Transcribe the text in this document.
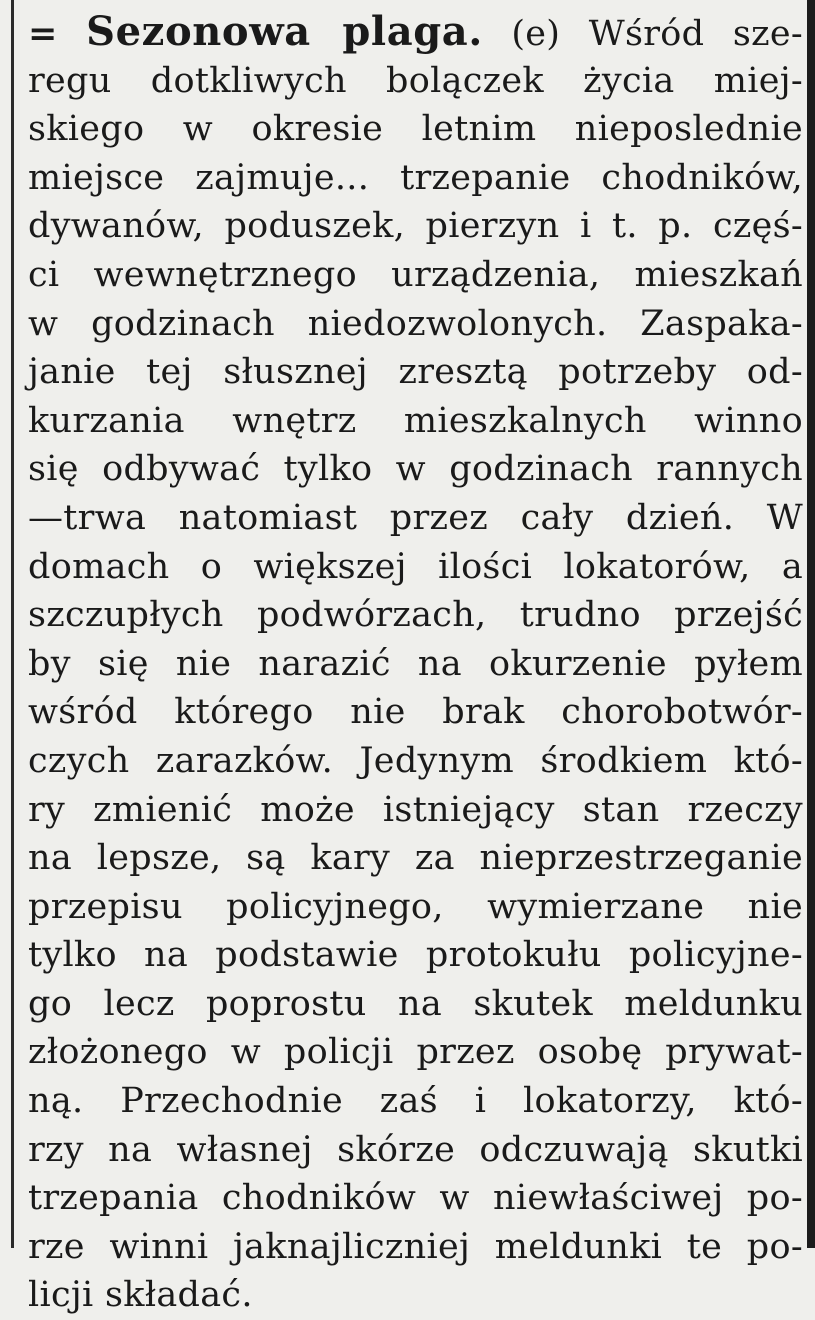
= Sezonowa plaga. (e) Wśród sze-
regu dotkliwych bolączek życia miej-
skiego w okresie letnim nieposlednie
miejsce zajmuje... trzepanie chodników,
dywanów, poduszek, pierzyn i t. p. częś-
ci wewnętrznego urządzenia, mieszkań
w godzinach niedozwolonych. Zaspaka-
janie tej słusznej zresztą potrzeby od-
kurzania wnętrz mieszkalnych winno
się odbywać tylko w godzinach rannych
—trwa natomiast przez cały dzień. W
domach o większej ilości lokatorów, a
szczupłych podwórzach, trudno przejść
by się nie narazić na okurzenie pyłem
wśród którego nie brak chorobotwór-
czych zarazków. Jedynym środkiem któ-
ry zmienić może istniejący stan rzeczy
na lepsze, są kary za nieprzestrzeganie
przepisu policyjnego, wymierzane nie
tylko na podstawie protokułu policyjne-
go lecz poprostu na skutek meldunku
złożonego w policji przez osobę prywat-
ną. Przechodnie zaś i lokatorzy, któ-
rzy na własnej skórze odczuwają skutki
trzepania chodników w niewłaściwej po-
rze winni jaknajliczniej meldunki te po-
licji składać.
